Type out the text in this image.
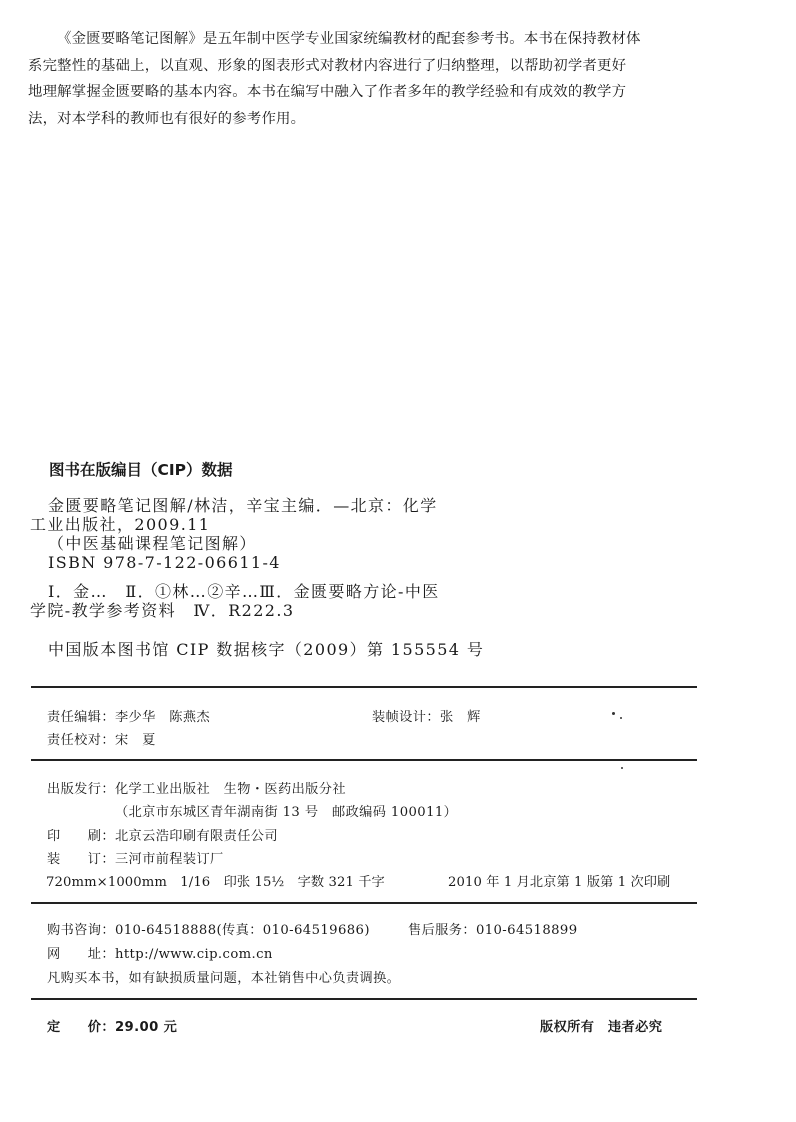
《金匮要略笔记图解》是五年制中医学专业国家统编教材的配套参考书。本书在保持教材体
系完整性的基础上，以直观、形象的图表形式对教材内容进行了归纳整理，以帮助初学者更好
地理解掌握金匮要略的基本内容。本书在编写中融入了作者多年的教学经验和有成效的教学方
法，对本学科的教师也有很好的参考作用。
图书在版编目（CIP）数据
金匮要略笔记图解/林洁，辛宝主编．—北京：化学
工业出版社，2009.11
（中医基础课程笔记图解）
ISBN 978-7-122-06611-4
Ⅰ．金…　Ⅱ．①林…②辛…Ⅲ．金匮要略方论-中医
学院-教学参考资料　Ⅳ．R222.3
中国版本图书馆 CIP 数据核字（2009）第 155554 号
责任编辑：李少华　陈燕杰	装帧设计：张　辉
责任校对：宋　夏
出版发行：化学工业出版社　生物・医药出版分社
（北京市东城区青年湖南街 13 号　邮政编码 100011）
印　　刷：北京云浩印刷有限责任公司
装　　订：三河市前程装订厂
720mm×1000mm　1/16　印张 15½　字数 321 千字	2010 年 1 月北京第 1 版第 1 次印刷
购书咨询：010-64518888(传真：010-64519686)	售后服务：010-64518899
网　　址：http://www.cip.com.cn
凡购买本书，如有缺损质量问题，本社销售中心负责调换。
定　　价：29.00 元	版权所有　违者必究
